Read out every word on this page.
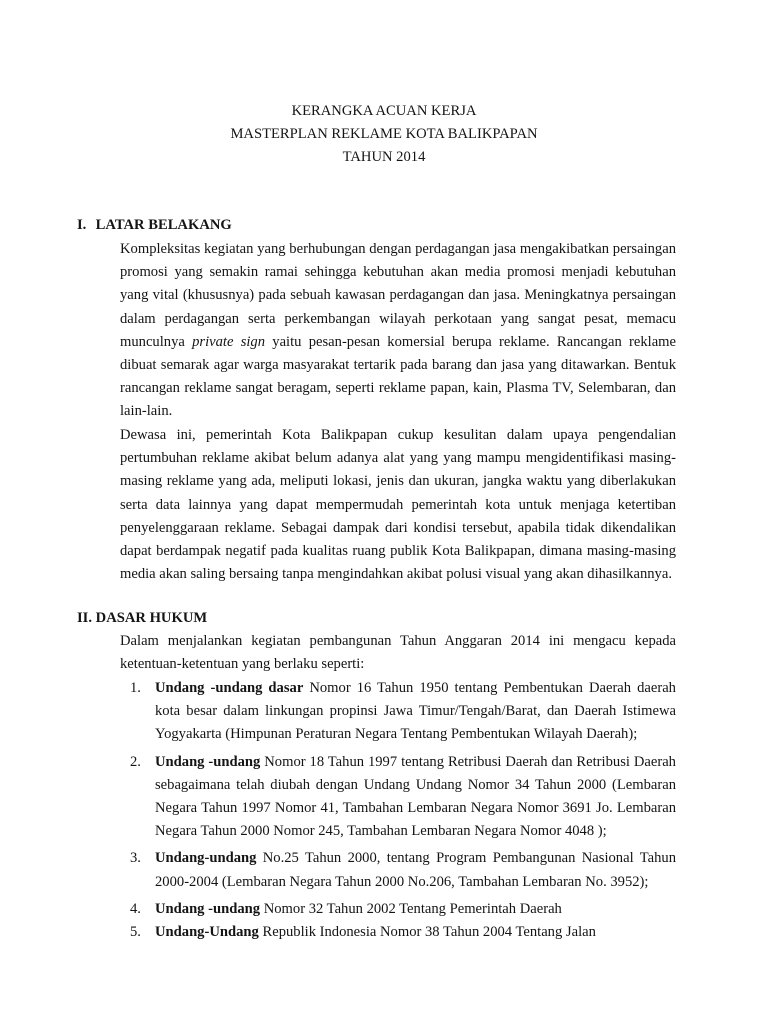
KERANGKA ACUAN KERJA
MASTERPLAN REKLAME KOTA BALIKPAPAN
TAHUN 2014
I. LATAR BELAKANG

Kompleksitas kegiatan yang berhubungan dengan perdagangan jasa mengakibatkan persaingan promosi yang semakin ramai sehingga kebutuhan akan media promosi menjadi kebutuhan yang vital (khususnya) pada sebuah kawasan perdagangan dan jasa. Meningkatnya persaingan dalam perdagangan serta perkembangan wilayah perkotaan yang sangat pesat, memacu munculnya private sign yaitu pesan-pesan komersial berupa reklame. Rancangan reklame dibuat semarak agar warga masyarakat tertarik pada barang dan jasa yang ditawarkan. Bentuk rancangan reklame sangat beragam, seperti reklame papan, kain, Plasma TV, Selembaran, dan lain-lain.

Dewasa ini, pemerintah Kota Balikpapan cukup kesulitan dalam upaya pengendalian pertumbuhan reklame akibat belum adanya alat yang yang mampu mengidentifikasi masing-masing reklame yang ada, meliputi lokasi, jenis dan ukuran, jangka waktu yang diberlakukan serta data lainnya yang dapat mempermudah pemerintah kota untuk menjaga ketertiban penyelenggaraan reklame. Sebagai dampak dari kondisi tersebut, apabila tidak dikendalikan dapat berdampak negatif pada kualitas ruang publik Kota Balikpapan, dimana masing-masing media akan saling bersaing tanpa mengindahkan akibat polusi visual yang akan dihasilkannya.

II. DASAR HUKUM

Dalam menjalankan kegiatan pembangunan Tahun Anggaran 2014 ini mengacu kepada ketentuan-ketentuan yang berlaku seperti:

1. Undang -undang dasar Nomor 16 Tahun 1950 tentang Pembentukan Daerah daerah kota besar dalam linkungan propinsi Jawa Timur/Tengah/Barat, dan Daerah Istimewa Yogyakarta (Himpunan Peraturan Negara Tentang Pembentukan Wilayah Daerah);
2. Undang -undang Nomor 18 Tahun 1997 tentang Retribusi Daerah dan Retribusi Daerah sebagaimana telah diubah dengan Undang Undang Nomor 34 Tahun 2000 (Lembaran Negara Tahun 1997 Nomor 41, Tambahan Lembaran Negara Nomor 3691 Jo. Lembaran Negara Tahun 2000 Nomor 245, Tambahan Lembaran Negara Nomor 4048 );
3. Undang-undang No.25 Tahun 2000, tentang Program Pembangunan Nasional Tahun 2000-2004 (Lembaran Negara Tahun 2000 No.206, Tambahan Lembaran No. 3952);
4. Undang -undang Nomor 32 Tahun 2002 Tentang Pemerintah Daerah
5. Undang-Undang Republik Indonesia Nomor 38 Tahun 2004 Tentang Jalan
